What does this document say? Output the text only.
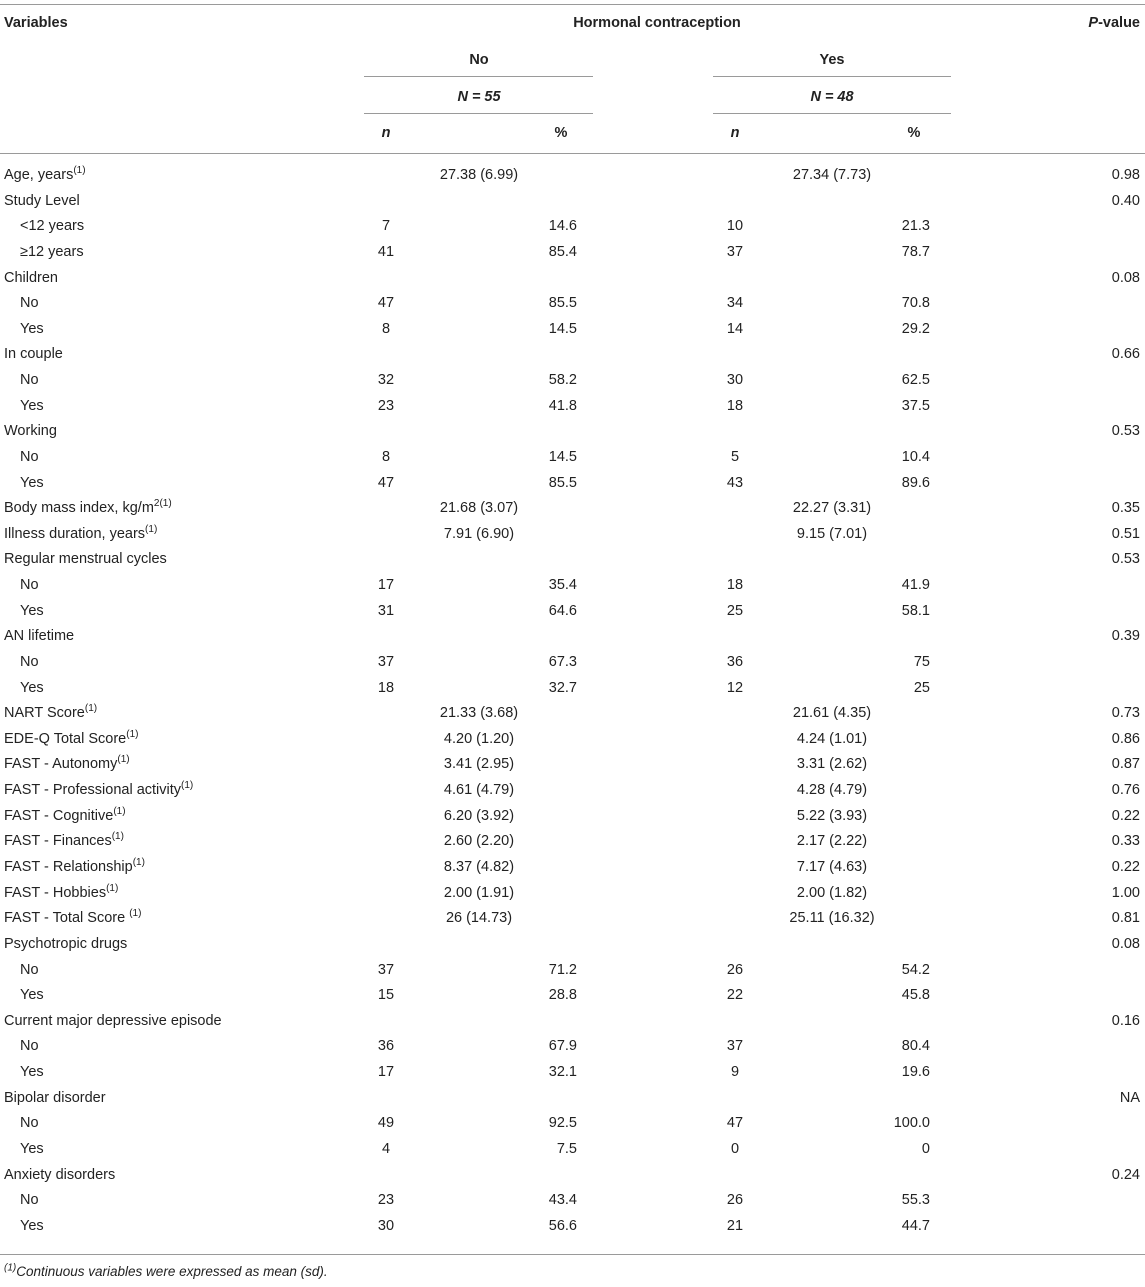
Variables	Hormonal contraception	P-value
No	Yes
N = 55	N = 48
n	%	n	%
$^{(1)}$Continuous variables were expressed as mean (sd).
Age, years$^{(1)}$	27.38 (6.99)	27.34 (7.73)	0.98
Study Level	0.40
<12 years	7	14.6	10	21.3
≥12 years	41	85.4	37	78.7
Children	0.08
No	47	85.5	34	70.8
Yes	8	14.5	14	29.2
In couple	0.66
No	32	58.2	30	62.5
Yes	23	41.8	18	37.5
Working	0.53
No	8	14.5	5	10.4
Yes	47	85.5	43	89.6
Body mass index, $kg/m^{2(1)}$	21.68 (3.07)	22.27 (3.31)	0.35
Illness duration, years$^{(1)}$	7.91 (6.90)	9.15 (7.01)	0.51
Regular menstrual cycles	0.53
No	17	35.4	18	41.9
Yes	31	64.6	25	58.1
AN lifetime	0.39
No	37	67.3	36	75
Yes	18	32.7	12	25
NART Score$^{(1)}$	21.33 (3.68)	21.61 (4.35)	0.73
EDE-Q Total Score$^{(1)}$	4.20 (1.20)	4.24 (1.01)	0.86
FAST - Autonomy$^{(1)}$	3.41 (2.95)	3.31 (2.62)	0.87
FAST - Professional activity$^{(1)}$	4.61 (4.79)	4.28 (4.79)	0.76
FAST - Cognitive$^{(1)}$	6.20 (3.92)	5.22 (3.93)	0.22
FAST - Finances$^{(1)}$	2.60 (2.20)	2.17 (2.22)	0.33
FAST - Relationship$^{(1)}$	8.37 (4.82)	7.17 (4.63)	0.22
FAST - Hobbies$^{(1)}$	2.00 (1.91)	2.00 (1.82)	1.00
FAST - Total Score $^{(1)}$	26 (14.73)	25.11 (16.32)	0.81
Psychotropic drugs	0.08
No	37	71.2	26	54.2
Yes	15	28.8	22	45.8
Current major depressive episode	0.16
No	36	67.9	37	80.4
Yes	17	32.1	9	19.6
Bipolar disorder	NA
No	49	92.5	47	100.0
Yes	4	7.5	0	0
Anxiety disorders	0.24
No	23	43.4	26	55.3
Yes	30	56.6	21	44.7
